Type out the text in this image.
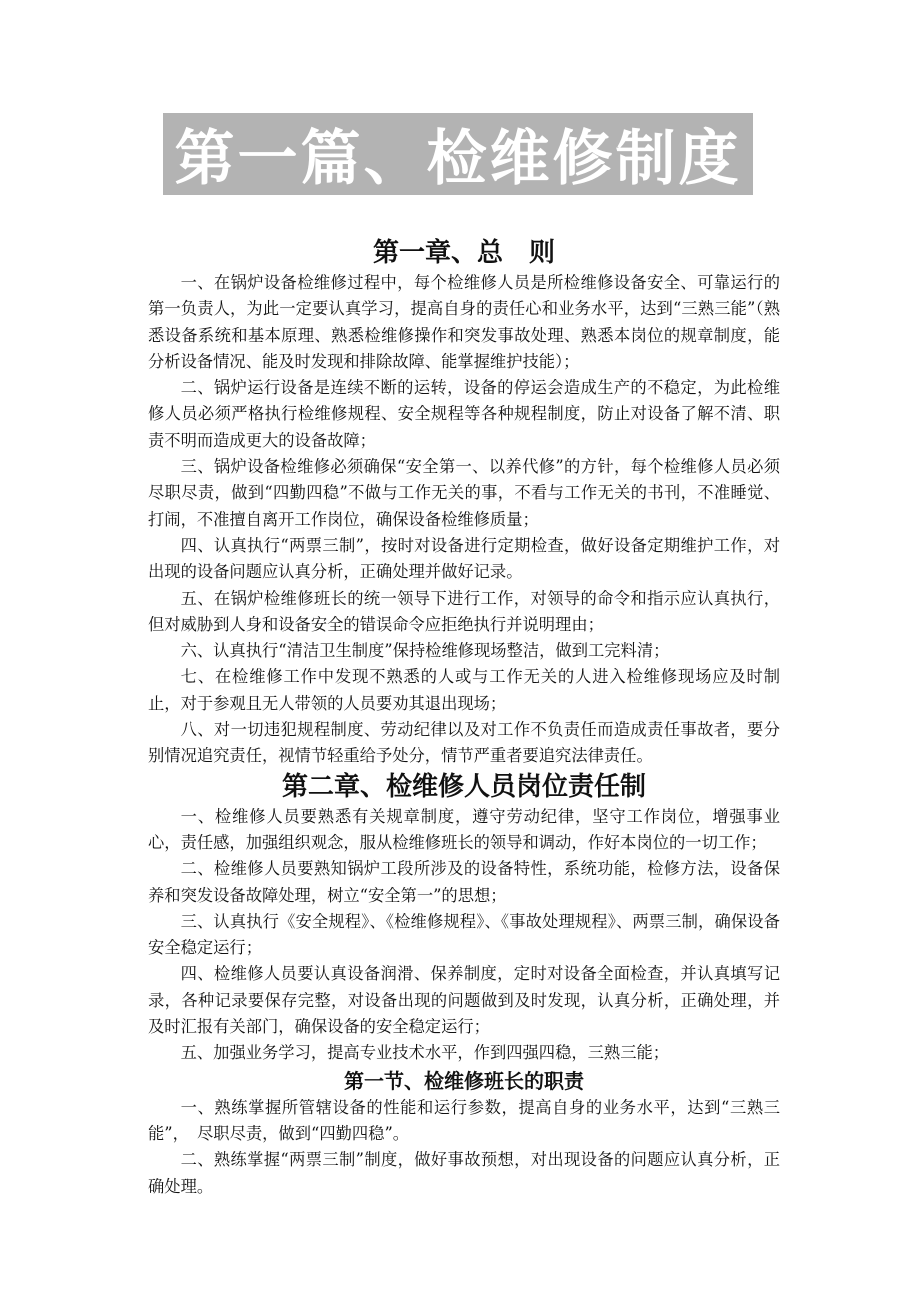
第一篇、检维修制度
第一章、总　则

一、在锅炉设备检维修过程中，每个检维修人员是所检维修设备安全、可靠运行的第一负责人，为此一定要认真学习，提高自身的责任心和业务水平，达到“三熟三能”（熟悉设备系统和基本原理、熟悉检维修操作和突发事故处理、熟悉本岗位的规章制度，能分析设备情况、能及时发现和排除故障、能掌握维护技能）；

二、锅炉运行设备是连续不断的运转，设备的停运会造成生产的不稳定，为此检维修人员必须严格执行检维修规程、安全规程等各种规程制度，防止对设备了解不清、职责不明而造成更大的设备故障；

三、锅炉设备检维修必须确保“安全第一、以养代修”的方针，每个检维修人员必须尽职尽责，做到“四勤四稳”不做与工作无关的事，不看与工作无关的书刊，不准睡觉、打闹，不准擅自离开工作岗位，确保设备检维修质量；

四、认真执行“两票三制”，按时对设备进行定期检查，做好设备定期维护工作，对出现的设备问题应认真分析，正确处理并做好记录。

五、在锅炉检维修班长的统一领导下进行工作，对领导的命令和指示应认真执行，但对威胁到人身和设备安全的错误命令应拒绝执行并说明理由；

六、认真执行“清洁卫生制度”保持检维修现场整洁，做到工完料清；

七、在检维修工作中发现不熟悉的人或与工作无关的人进入检维修现场应及时制止，对于参观且无人带领的人员要劝其退出现场；

八、对一切违犯规程制度、劳动纪律以及对工作不负责任而造成责任事故者，要分别情况追究责任，视情节轻重给予处分，情节严重者要追究法律责任。

第二章、检维修人员岗位责任制

一、检维修人员要熟悉有关规章制度，遵守劳动纪律，坚守工作岗位，增强事业心，责任感，加强组织观念，服从检维修班长的领导和调动，作好本岗位的一切工作；

二、检维修人员要熟知锅炉工段所涉及的设备特性，系统功能，检修方法，设备保养和突发设备故障处理，树立“安全第一”的思想；

三、认真执行《安全规程》、《检维修规程》、《事故处理规程》、两票三制，确保设备安全稳定运行；

四、检维修人员要认真设备润滑、保养制度，定时对设备全面检查，并认真填写记录，各种记录要保存完整，对设备出现的问题做到及时发现，认真分析，正确处理，并及时汇报有关部门，确保设备的安全稳定运行；

五、加强业务学习，提高专业技术水平，作到四强四稳，三熟三能；

第一节、检维修班长的职责

一、熟练掌握所管辖设备的性能和运行参数，提高自身的业务水平，达到“三熟三能”，　尽职尽责，做到“四勤四稳”。

二、熟练掌握“两票三制”制度，做好事故预想，对出现设备的问题应认真分析，正确处理。
